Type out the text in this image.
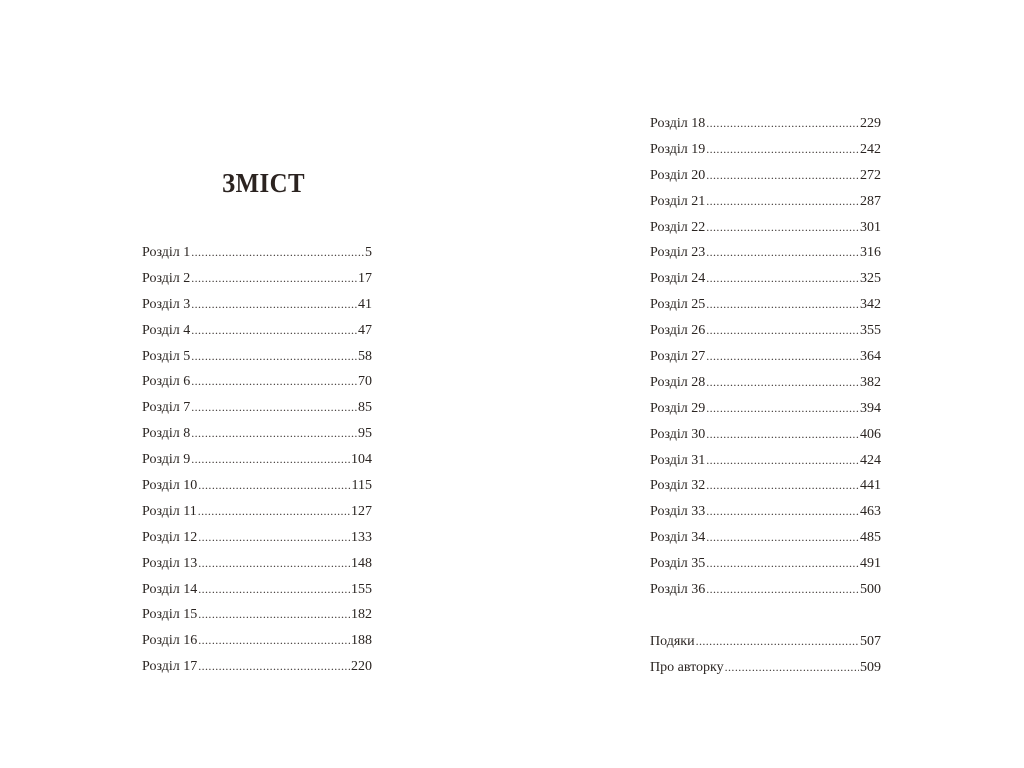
ЗМІСТ
Розділ 1 .....	5
Розділ 2 .....	17
Розділ 3 .....	41
Розділ 4 .....	47
Розділ 5 .....	58
Розділ 6 .....	70
Розділ 7 .....	85
Розділ 8 .....	95
Розділ 9 .....	104
Розділ 10 .....	115
Розділ 11 .....	127
Розділ 12 .....	133
Розділ 13 .....	148
Розділ 14 .....	155
Розділ 15 .....	182
Розділ 16 .....	188
Розділ 17 .....	220
Розділ 18 .....	229
Розділ 19 .....	242
Розділ 20 .....	272
Розділ 21 .....	287
Розділ 22 .....	301
Розділ 23 .....	316
Розділ 24 .....	325
Розділ 25 .....	342
Розділ 26 .....	355
Розділ 27 .....	364
Розділ 28 .....	382
Розділ 29 .....	394
Розділ 30 .....	406
Розділ 31 .....	424
Розділ 32 .....	441
Розділ 33 .....	463
Розділ 34 .....	485
Розділ 35 .....	491
Розділ 36 .....	500
Подяки .....	507
Про авторку .....	509
